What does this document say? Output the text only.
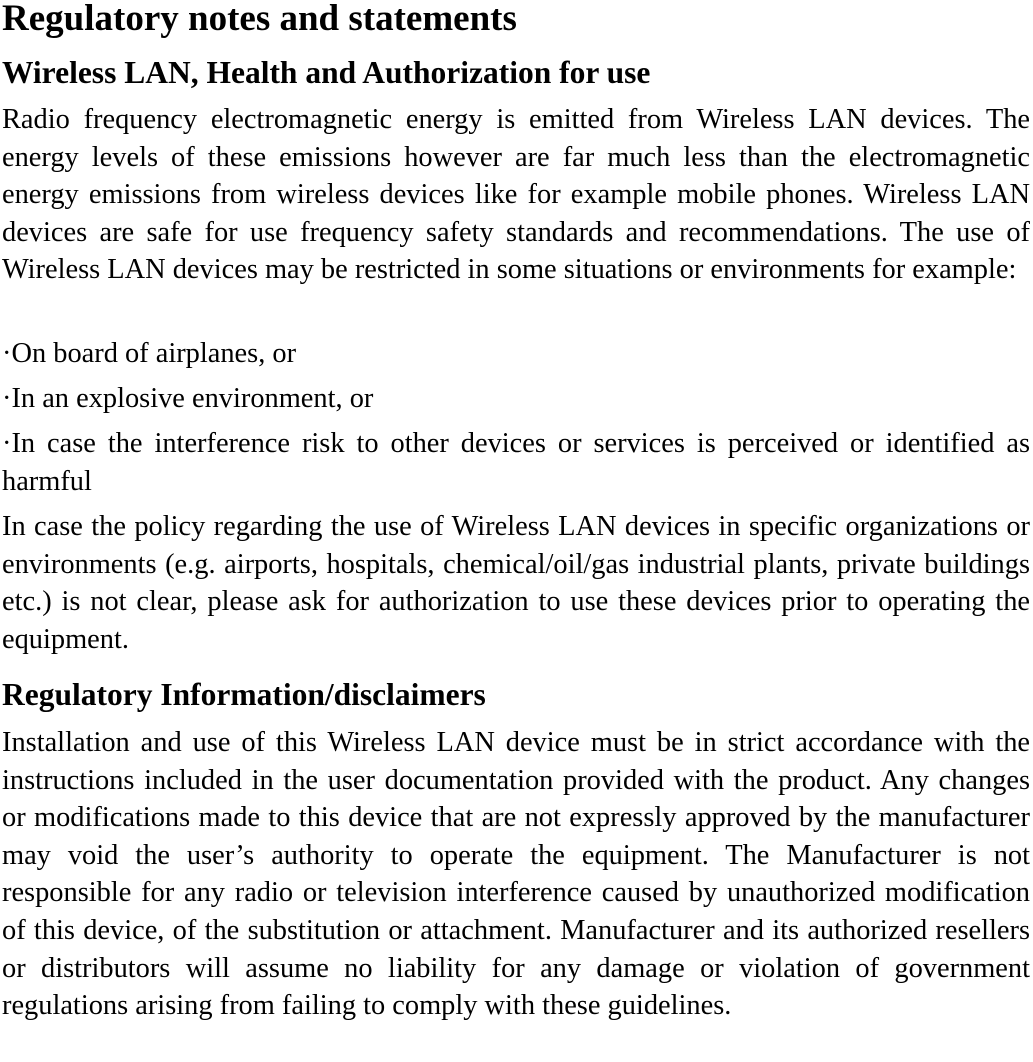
Regulatory notes and statements
Wireless LAN, Health and Authorization for use

Radio frequency electromagnetic energy is emitted from Wireless LAN devices. The energy levels of these emissions however are far much less than the electromagnetic energy emissions from wireless devices like for example mobile phones. Wireless LAN devices are safe for use frequency safety standards and recommendations. The use of Wireless LAN devices may be restricted in some situations or environments for example:

·On board of airplanes, or

·In an explosive environment, or

·In case the interference risk to other devices or services is perceived or identified as harmful

In case the policy regarding the use of Wireless LAN devices in specific organizations or environments (e.g. airports, hospitals, chemical/oil/gas industrial plants, private buildings etc.) is not clear, please ask for authorization to use these devices prior to operating the equipment.

Regulatory Information/disclaimers

Installation and use of this Wireless LAN device must be in strict accordance with the instructions included in the user documentation provided with the product. Any changes or modifications made to this device that are not expressly approved by the manufacturer may void the user’s authority to operate the equipment. The Manufacturer is not responsible for any radio or television interference caused by unauthorized modification of this device, of the substitution or attachment. Manufacturer and its authorized resellers or distributors will assume no liability for any damage or violation of government regulations arising from failing to comply with these guidelines.
